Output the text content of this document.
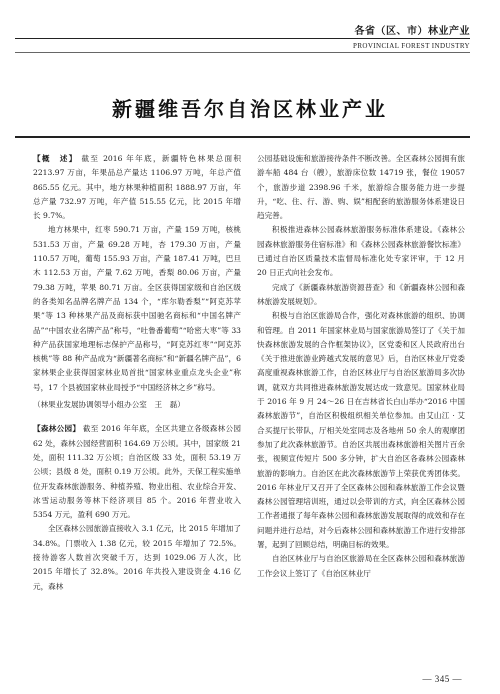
各省（区、市）林业产业
PROVINCIAL FOREST INDUSTRY
新疆维吾尔自治区林业产业

【概　述】 截至 2016 年年底，新疆特色林果总面积 2213.97 万亩，年果品总产量达 1106.97 万吨，年总产值 865.55 亿元。其中，地方林果种植面积 1888.97 万亩，年总产量 732.97 万吨，年产值 515.55 亿元，比 2015 年增长 9.7%。

地方林果中，红枣 590.71 万亩，产量 159 万吨，核桃 531.53 万亩，产量 69.28 万吨，杏 179.30 万亩，产量 110.57 万吨，葡萄 155.93 万亩，产量 187.41 万吨，巴旦木 112.53 万亩，产量 7.62 万吨，香梨 80.06 万亩，产量 79.38 万吨，苹果 80.71 万亩。全区获得国家级和自治区级的各类知名品牌名牌产品 134 个，“库尔勒香梨”“阿克苏苹果”等 13 种林果产品及商标获中国驰名商标和“中国名牌产品”“中国农业名牌产品”称号，“吐鲁番葡萄”“哈密大枣”等 33 种产品获国家地理标志保护产品称号，“阿克苏红枣”“阿克苏核桃”等 88 种产品成为“新疆著名商标”和“新疆名牌产品”，6 家林果企业获得国家林业局首批“国家林业重点龙头企业”称号，17 个县被国家林业局授予“中国经济林之乡”称号。

（林果业发展协调领导小组办公室　王　磊）

【森林公园】 截至 2016 年年底，全区共建立各级森林公园 62 处，森林公园经营面积 164.69 万公顷。其中，国家级 21 处，面积 111.32 万公顷；自治区级 33 处，面积 53.19 万公顷；县级 8 处，面积 0.19 万公顷。此外，天保工程实施单位开发森林旅游服务、种植养殖、物业出租、农业综合开发、冰雪运动服务等林下经济项目 85 个。2016 年营业收入 5354 万元，盈利 690 万元。

全区森林公园旅游直接收入 3.1 亿元，比 2015 年增加了 34.8%。门票收入 1.38 亿元，较 2015 年增加了 72.5%。接待游客人数首次突破千万，达到 1029.06 万人次，比 2015 年增长了 32.8%。2016 年共投入建设资金 4.16 亿元，森林

公园基础设施和旅游接待条件不断改善。全区森林公园拥有旅游车船 484 台（艘），旅游床位数 14719 张，餐位 19057 个，旅游步道 2398.96 千米，旅游综合服务能力进一步提升，“吃、住、行、游、购、娱”相配套的旅游服务体系建设日趋完善。

积极推进森林公园森林旅游服务标准体系建设。《森林公园森林旅游服务住宿标准》和《森林公园森林旅游餐饮标准》已通过自治区质量技术监督局标准化处专家评审，于 12 月 20 日正式向社会发布。

完成了《新疆森林旅游资源普查》和《新疆森林公园和森林旅游发展规划》。

积极与自治区旅游局合作，强化对森林旅游的组织、协调和管理。自 2011 年国家林业局与国家旅游局签订了《关于加快森林旅游发展的合作框架协议》，区党委和区人民政府出台《关于推进旅游业跨越式发展的意见》后，自治区林业厅党委高度重视森林旅游工作，自治区林业厅与自治区旅游局多次协调，就双方共同推进森林旅游发展达成一致意见。国家林业局于 2016 年 9 月 24～26 日在吉林省长白山举办“2016 中国森林旅游节”，自治区积极组织相关单位参加。由艾山江 · 艾合买提厅长带队，厅相关处室同志及各地州 50 余人的观摩团参加了此次森林旅游节。自治区共展出森林旅游相关图片百余张，视频宣传短片 500 多分钟，扩大自治区各森林公园森林旅游的影响力。自治区在此次森林旅游节上荣获优秀团体奖。2016 年林业厅又召开了全区森林公园和森林旅游工作会议暨森林公园管理培训班，通过以会带训的方式，向全区森林公园工作者通报了每年森林公园和森林旅游发展取得的成效和存在问题并进行总结，对今后森林公园和森林旅游工作进行安排部署，起到了回顾总结，明确目标的效果。

自治区林业厅与自治区旅游局在全区森林公园和森林旅游工作会议上签订了《自治区林业厅

— 345 —
